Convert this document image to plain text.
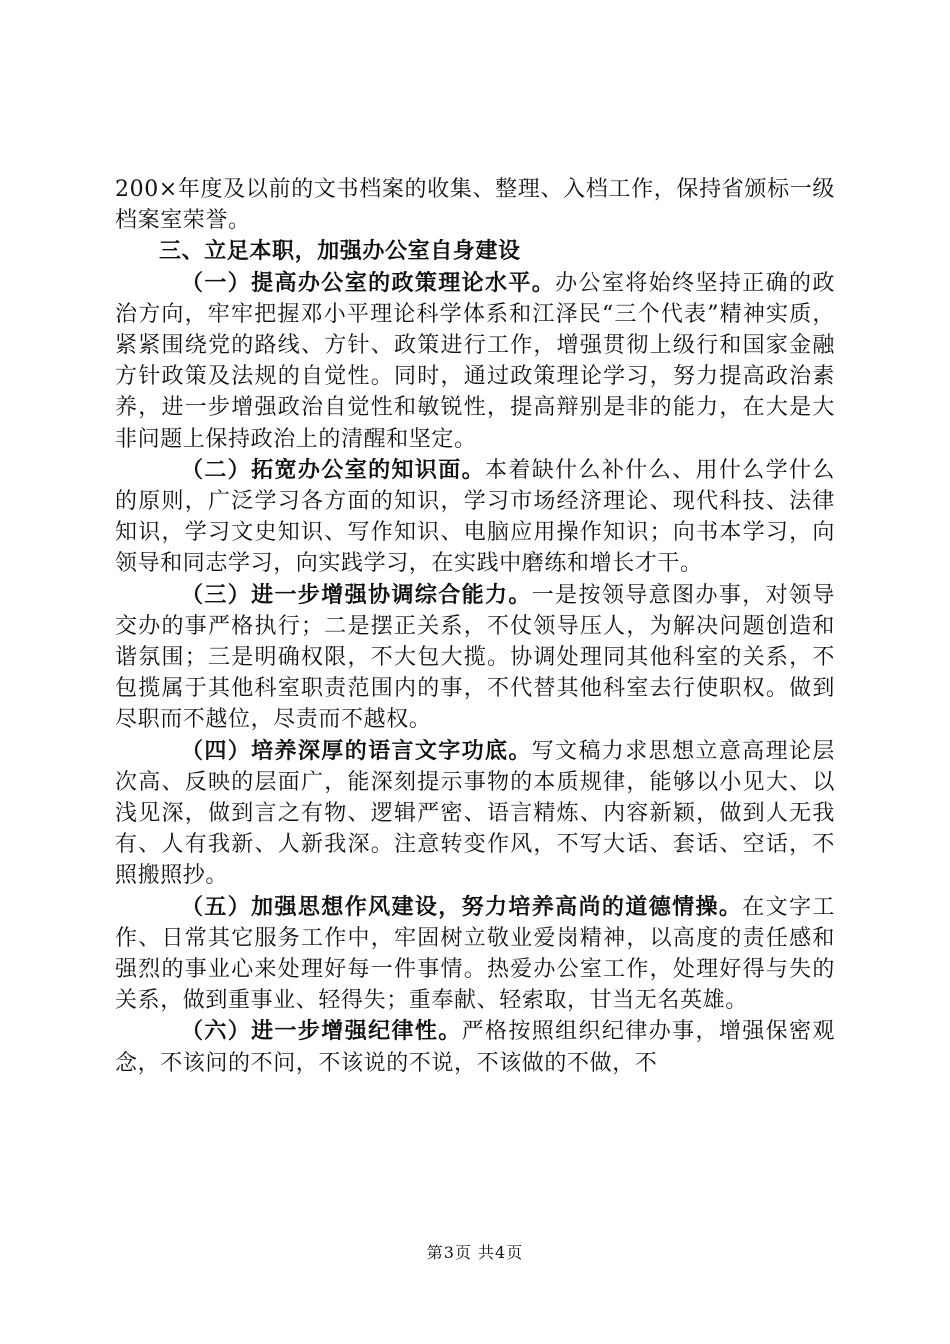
200×年度及以前的文书档案的收集、整理、入档工作，保持省颁标一级档案室荣誉。

三、立足本职，加强办公室自身建设

（一）提高办公室的政策理论水平。办公室将始终坚持正确的政治方向，牢牢把握邓小平理论科学体系和江泽民“三个代表”精神实质，紧紧围绕党的路线、方针、政策进行工作，增强贯彻上级行和国家金融方针政策及法规的自觉性。同时，通过政策理论学习，努力提高政治素养，进一步增强政治自觉性和敏锐性，提高辩别是非的能力，在大是大非问题上保持政治上的清醒和坚定。

（二）拓宽办公室的知识面。本着缺什么补什么、用什么学什么的原则，广泛学习各方面的知识，学习市场经济理论、现代科技、法律知识，学习文史知识、写作知识、电脑应用操作知识；向书本学习，向领导和同志学习，向实践学习，在实践中磨练和增长才干。

（三）进一步增强协调综合能力。一是按领导意图办事，对领导交办的事严格执行；二是摆正关系，不仗领导压人，为解决问题创造和谐氛围；三是明确权限，不大包大揽。协调处理同其他科室的关系，不包揽属于其他科室职责范围内的事，不代替其他科室去行使职权。做到尽职而不越位，尽责而不越权。

（四）培养深厚的语言文字功底。写文稿力求思想立意高理论层次高、反映的层面广，能深刻提示事物的本质规律，能够以小见大、以浅见深，做到言之有物、逻辑严密、语言精炼、内容新颖，做到人无我有、人有我新、人新我深。注意转变作风，不写大话、套话、空话，不照搬照抄。

（五）加强思想作风建设，努力培养高尚的道德情操。在文字工作、日常其它服务工作中，牢固树立敬业爱岗精神，以高度的责任感和强烈的事业心来处理好每一件事情。热爱办公室工作，处理好得与失的关系，做到重事业、轻得失；重奉献、轻索取，甘当无名英雄。

（六）进一步增强纪律性。严格按照组织纪律办事，增强保密观念，不该问的不问，不该说的不说，不该做的不做，不

第3页 共4页
